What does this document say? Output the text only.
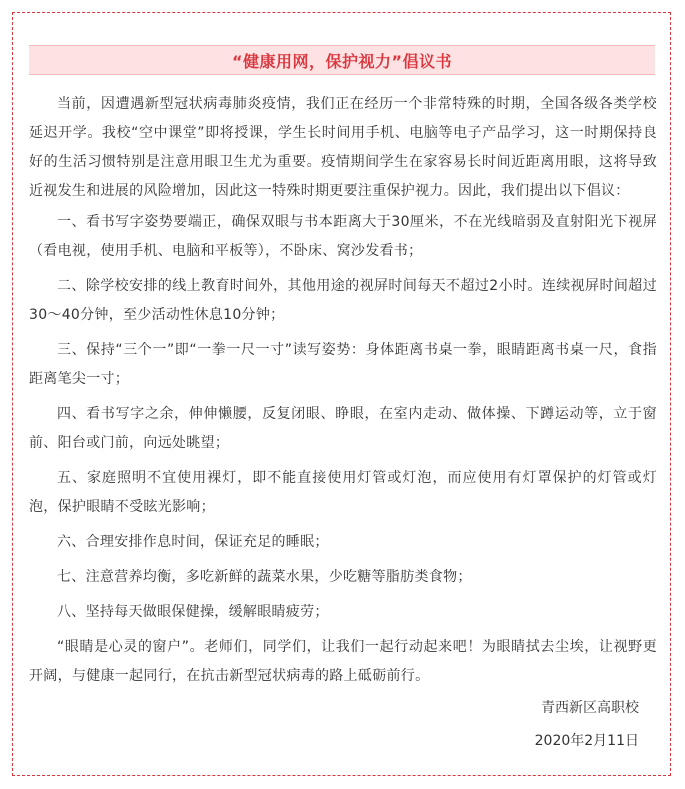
“健康用网，保护视力”倡议书

当前，因遭遇新型冠状病毒肺炎疫情，我们正在经历一个非常特殊的时期，全国各级各类学校延迟开学。我校“空中课堂”即将授课，学生长时间用手机、电脑等电子产品学习，这一时期保持良好的生活习惯特别是注意用眼卫生尤为重要。疫情期间学生在家容易长时间近距离用眼，这将导致近视发生和进展的风险增加，因此这一特殊时期更要注重保护视力。因此，我们提出以下倡议：

一、看书写字姿势要端正，确保双眼与书本距离大于30厘米，不在光线暗弱及直射阳光下视屏（看电视，使用手机、电脑和平板等），不卧床、窝沙发看书；

二、除学校安排的线上教育时间外，其他用途的视屏时间每天不超过2小时。连续视屏时间超过30～40分钟，至少活动性休息10分钟；

三、保持“三个一”即“一拳一尺一寸”读写姿势：身体距离书桌一拳，眼睛距离书桌一尺，食指距离笔尖一寸；

四、看书写字之余，伸伸懒腰，反复闭眼、睁眼，在室内走动、做体操、下蹲运动等，立于窗前、阳台或门前，向远处眺望；

五、家庭照明不宜使用裸灯，即不能直接使用灯管或灯泡，而应使用有灯罩保护的灯管或灯泡，保护眼睛不受眩光影响；

六、合理安排作息时间，保证充足的睡眠；

七、注意营养均衡，多吃新鲜的蔬菜水果，少吃糖等脂肪类食物；

八、坚持每天做眼保健操，缓解眼睛疲劳；

“眼睛是心灵的窗户”。老师们，同学们，让我们一起行动起来吧！为眼睛拭去尘埃，让视野更开阔，与健康一起同行，在抗击新型冠状病毒的路上砥砺前行。

青西新区高职校
2020年2月11日
